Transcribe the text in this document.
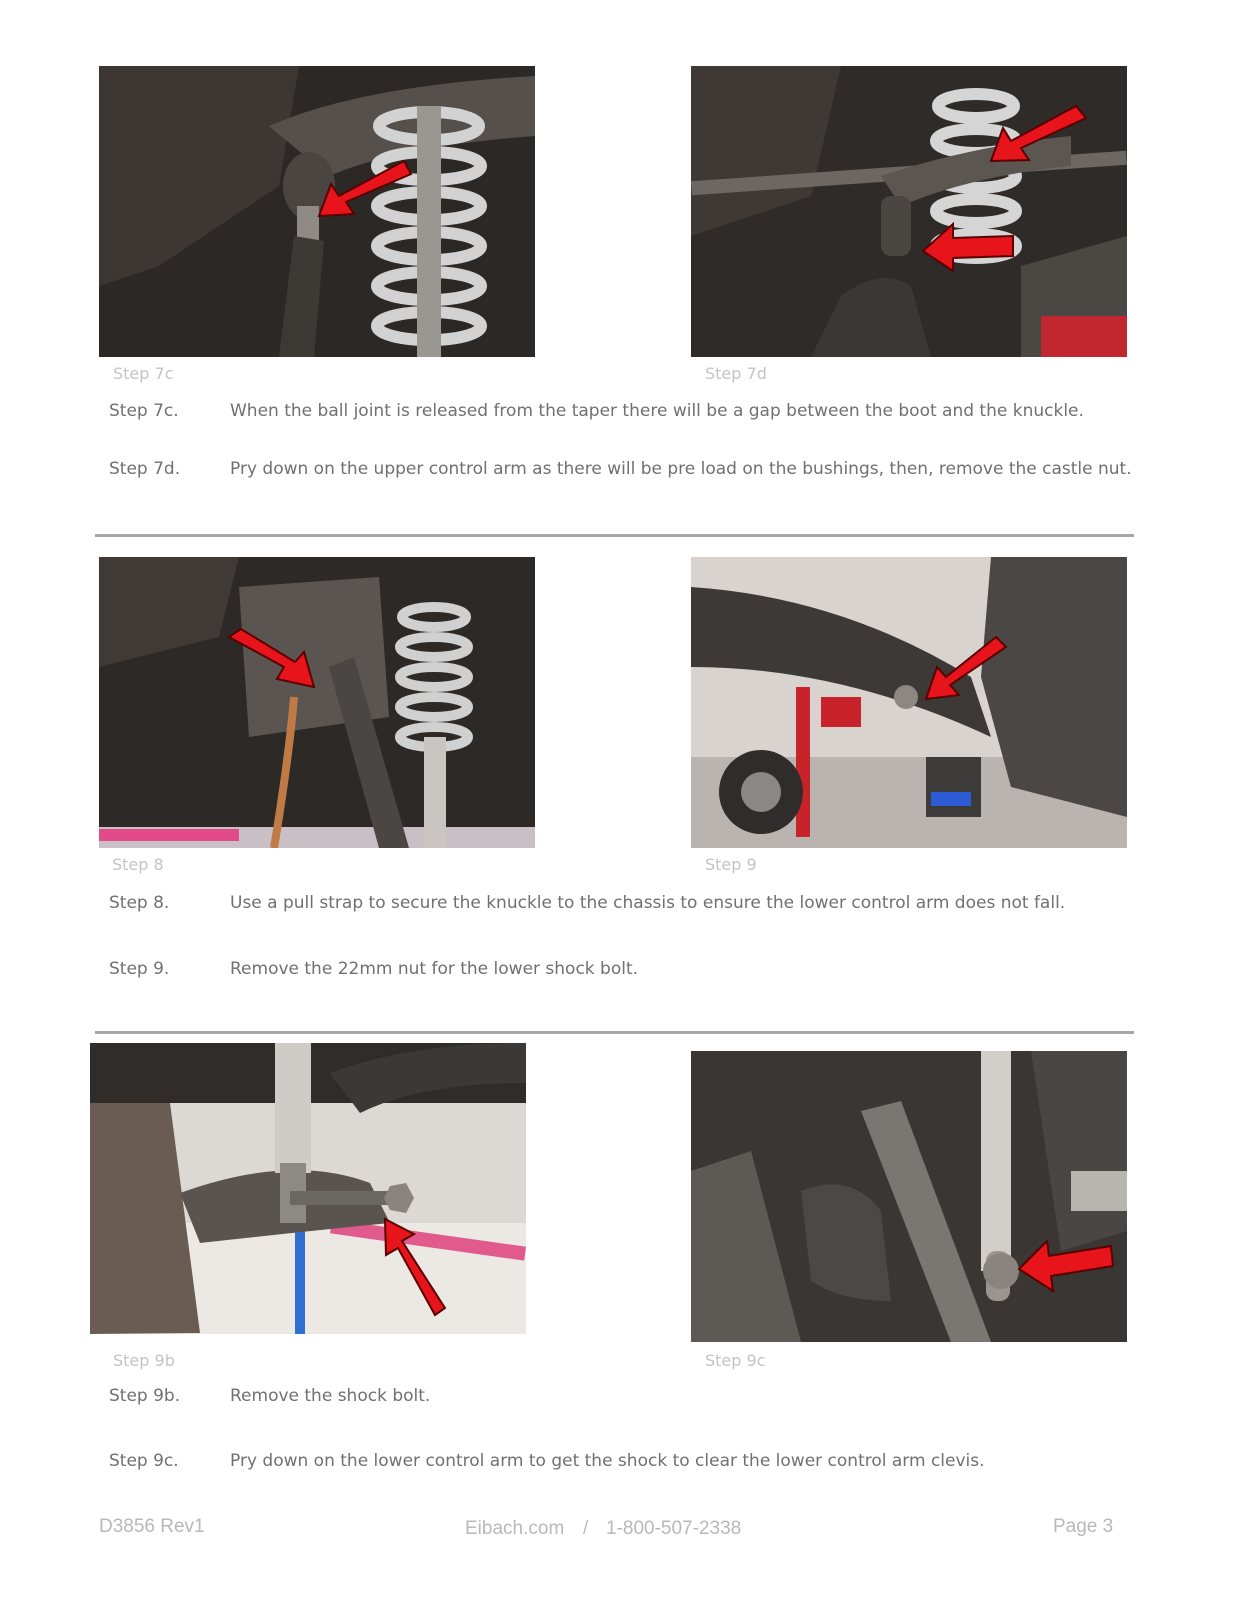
Step 7c	Step 7d
Step 7c.	When the ball joint is released from the taper there will be a gap between the boot and the knuckle.
Step 7d.	Pry down on the upper control arm as there will be pre load on the bushings, then, remove the castle nut.
Step 8	Step 9
Step 8.	Use a pull strap to secure the knuckle to the chassis to ensure the lower control arm does not fall.
Step 9.	Remove the 22mm nut for the lower shock bolt.
Step 9b	Step 9c
Step 9b.	Remove the shock bolt.
Step 9c.	Pry down on the lower control arm to get the shock to clear the lower control arm clevis.
D3856 Rev1	Eibach.com / 1-800-507-2338	Page 3
